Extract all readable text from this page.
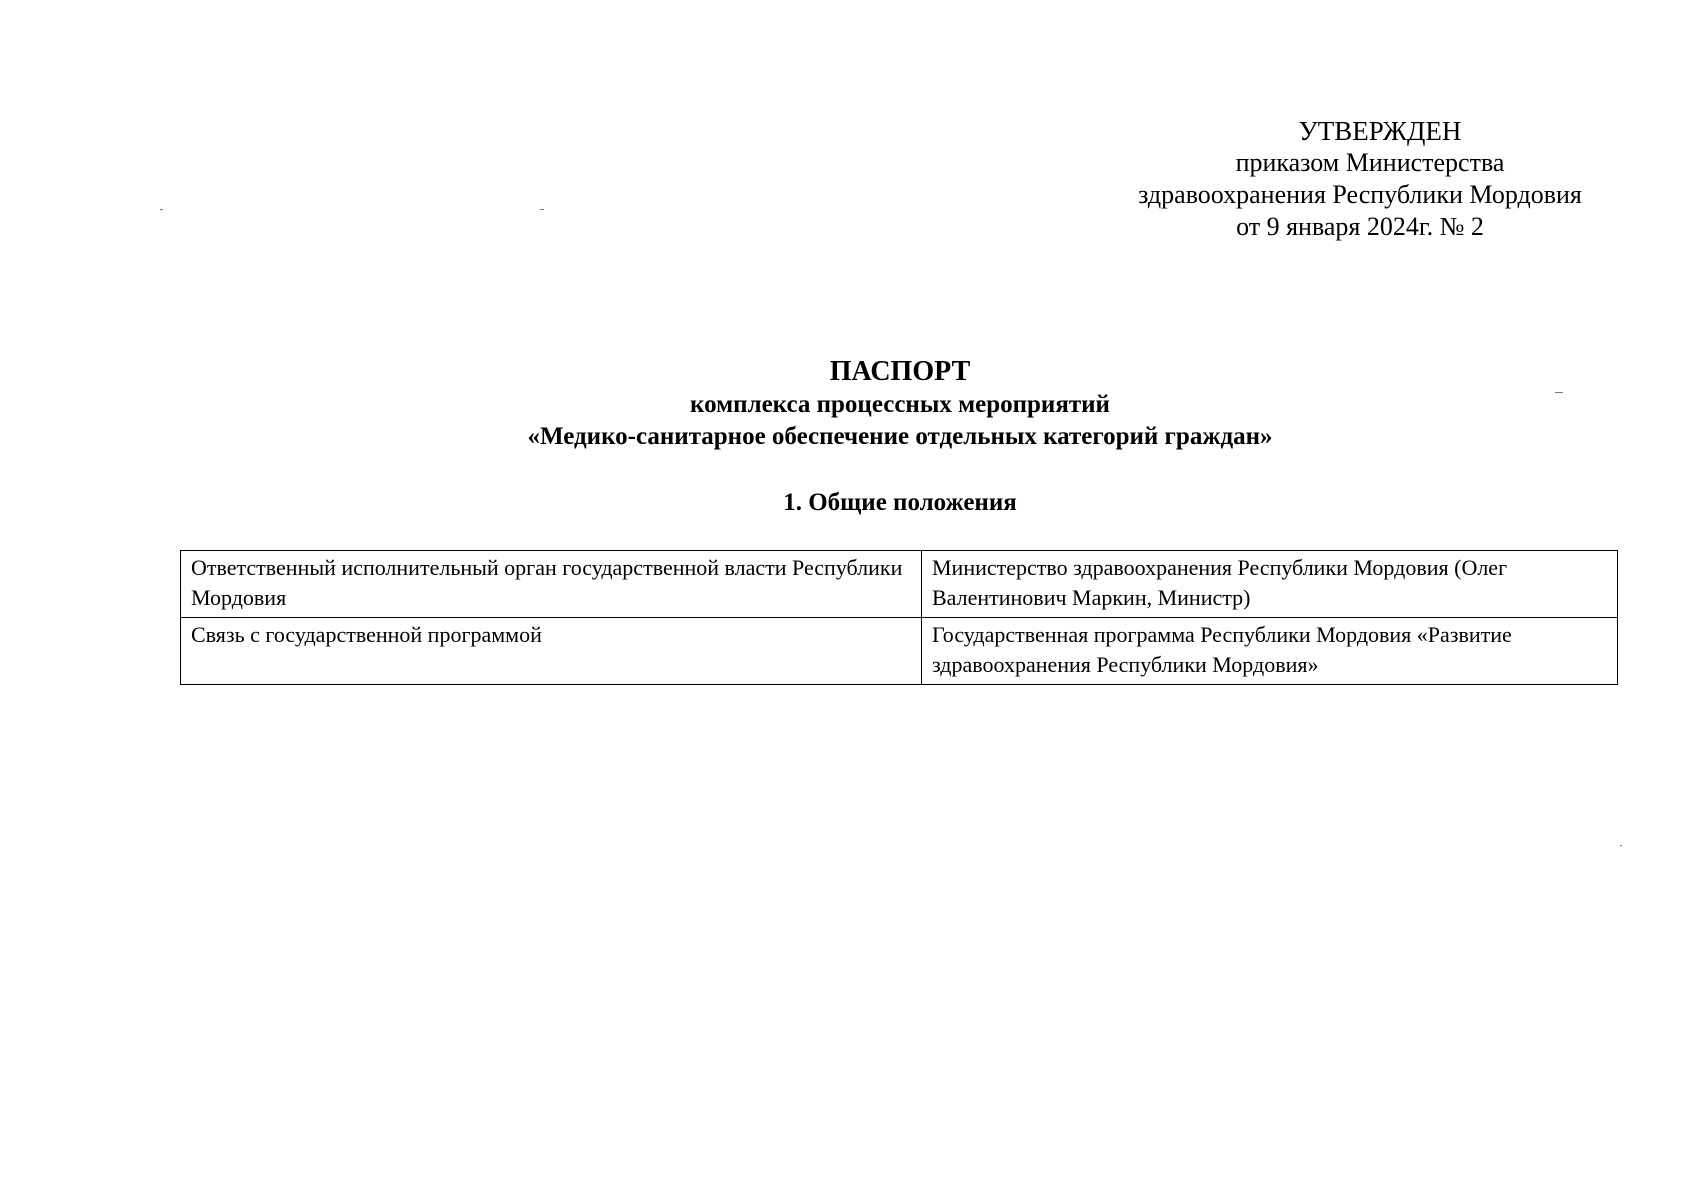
УТВЕРЖДЕН
приказом Министерства
здравоохранения Республики Мордовия
от 9 января 2024г. № 2
ПАСПОРТ
комплекса процессных мероприятий
«Медико-санитарное обеспечение отдельных категорий граждан»
1. Общие положения
Ответственный исполнительный орган государственной власти Республики Мордовия	Министерство здравоохранения Республики Мордовия (Олег Валентинович Маркин, Министр)
Связь с государственной программой	Государственная программа Республики Мордовия «Развитие здравоохранения Республики Мордовия»
